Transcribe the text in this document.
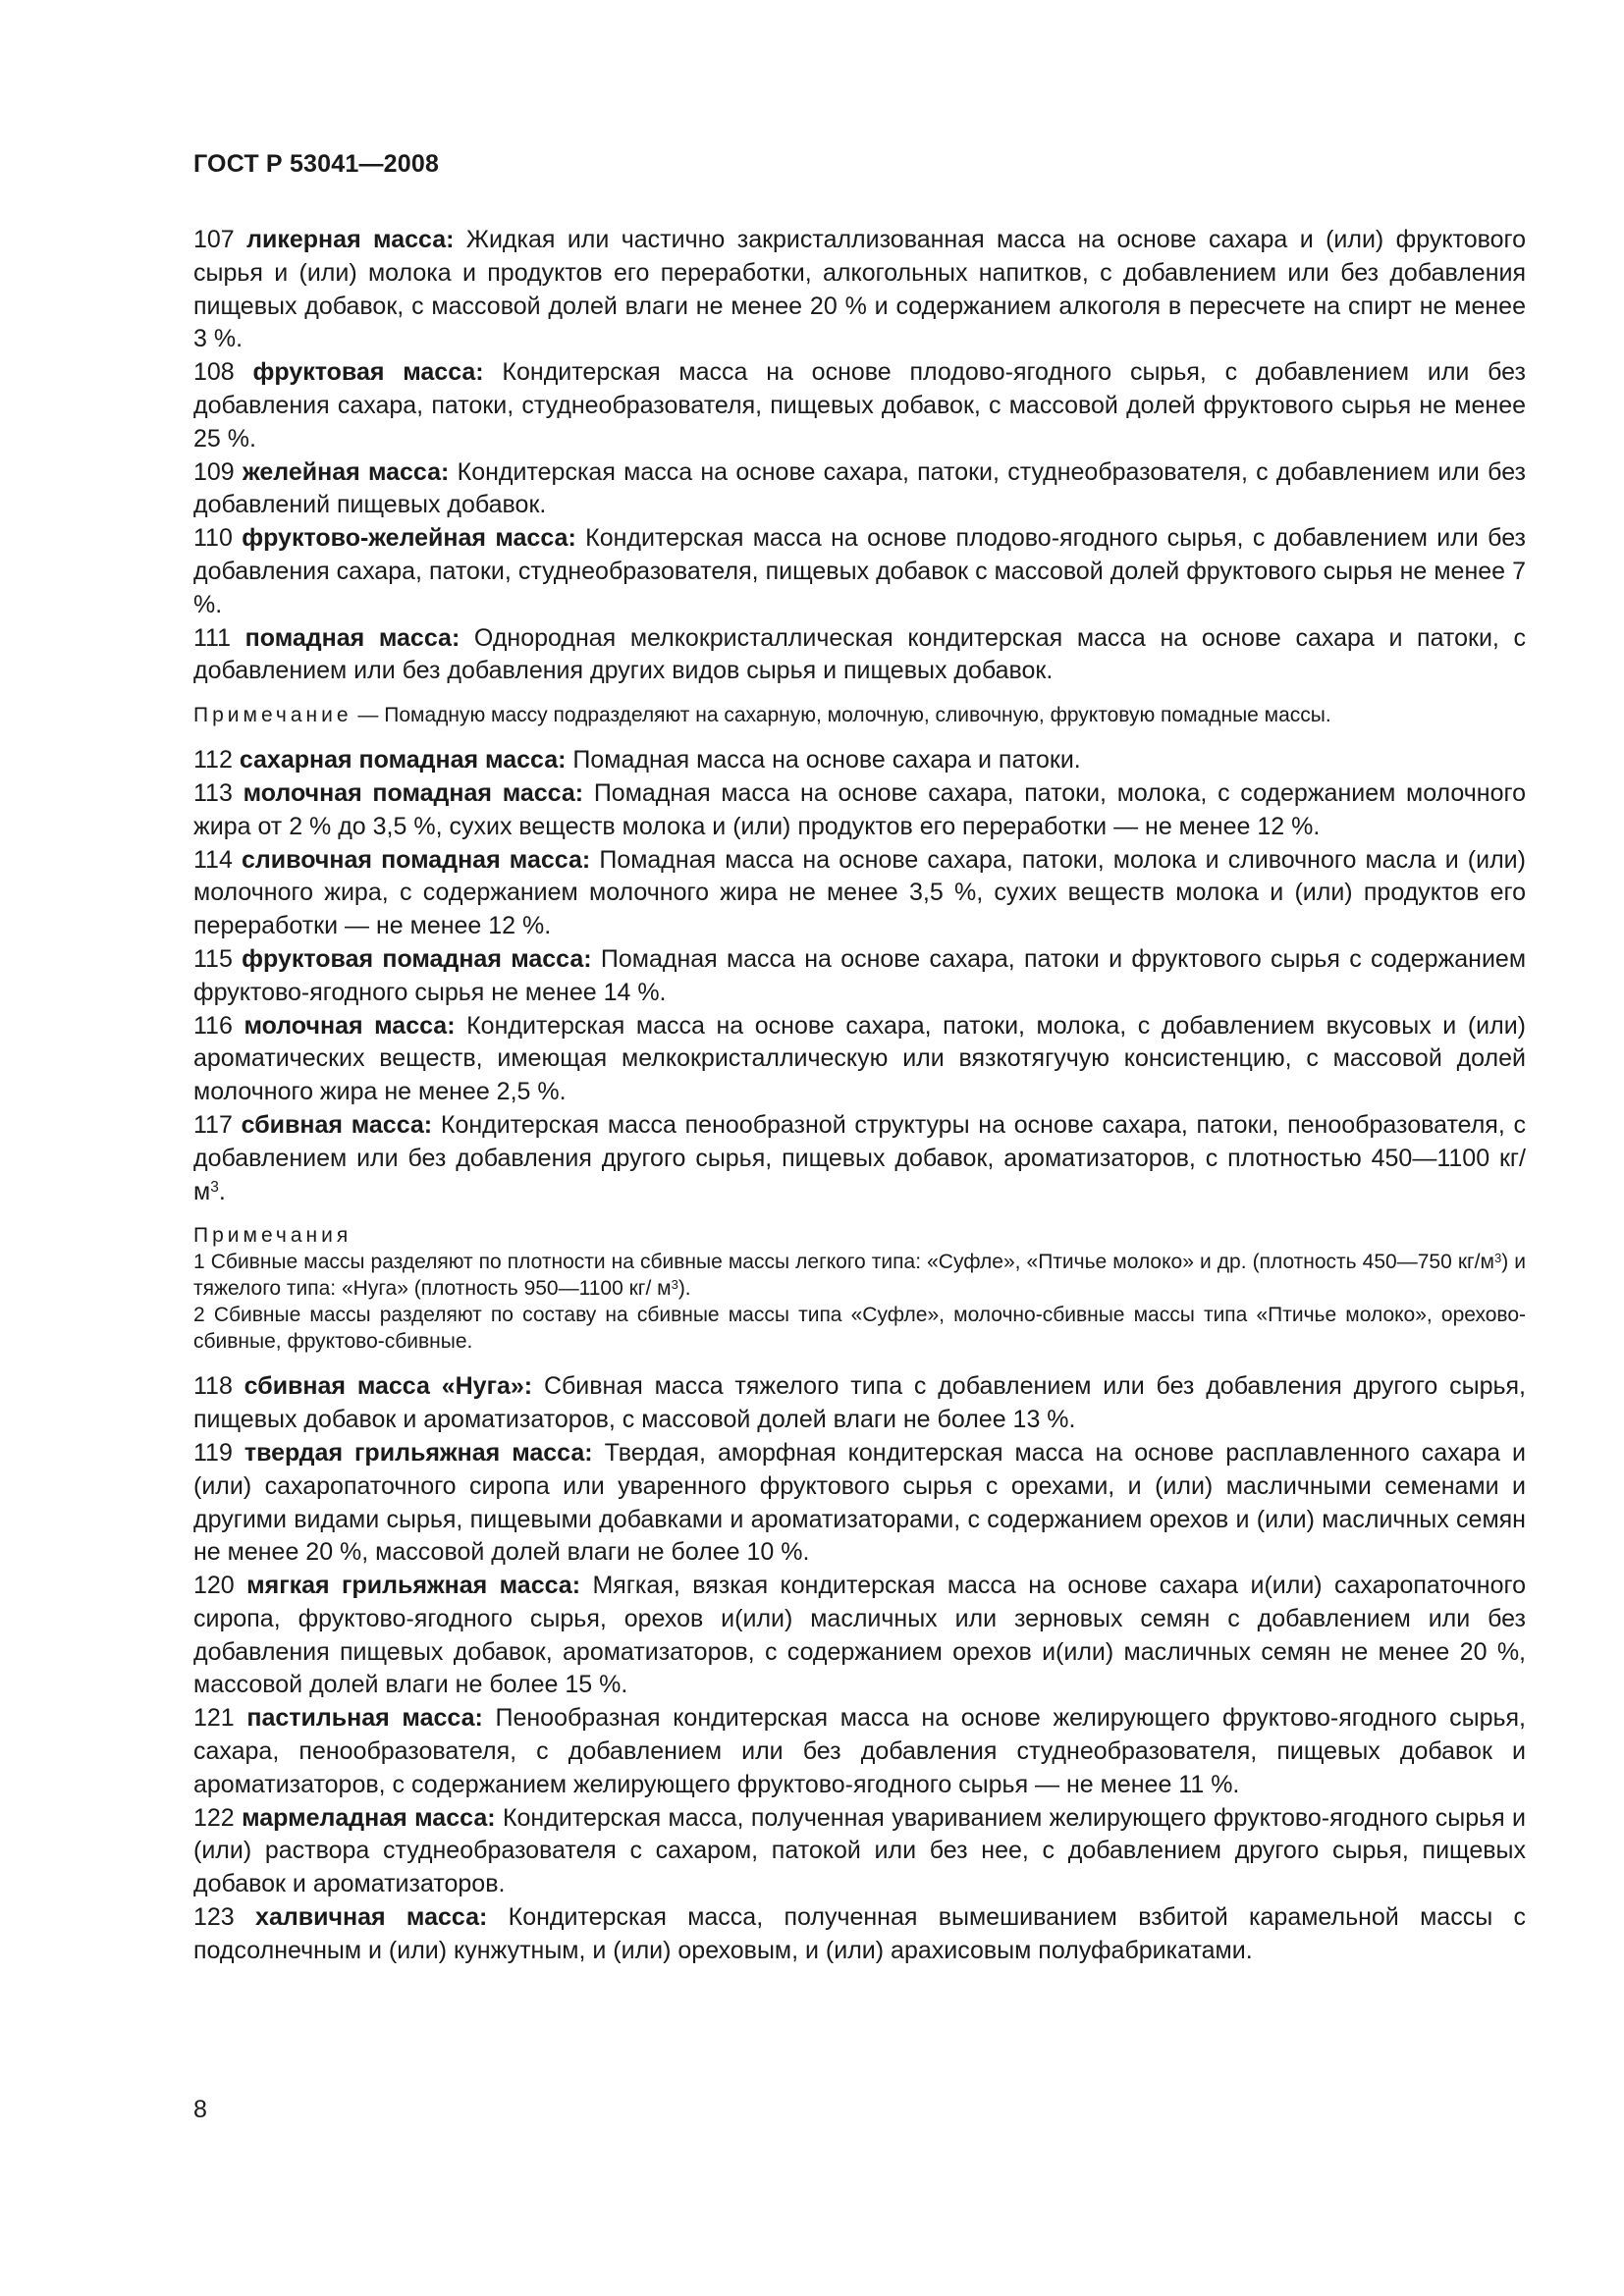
ГОСТ Р 53041—2008

107 ликерная масса: Жидкая или частично закристаллизованная масса на основе сахара и (или) фруктового сырья и (или) молока и продуктов его переработки, алкогольных напитков, с добавлением или без добавления пищевых добавок, с массовой долей влаги не менее 20 % и содержанием алкоголя в пересчете на спирт не менее 3 %.

108 фруктовая масса: Кондитерская масса на основе плодово-ягодного сырья, с добавлением или без добавления сахара, патоки, студнеобразователя, пищевых добавок, с массовой долей фруктового сырья не менее 25 %.

109 желейная масса: Кондитерская масса на основе сахара, патоки, студнеобразователя, с добавлением или без добавлений пищевых добавок.

110 фруктово-желейная масса: Кондитерская масса на основе плодово-ягодного сырья, с добавлением или без добавления сахара, патоки, студнеобразователя, пищевых добавок с массовой долей фруктового сырья не менее 7 %.

111 помадная масса: Однородная мелкокристаллическая кондитерская масса на основе сахара и патоки, с добавлением или без добавления других видов сырья и пищевых добавок.

Примечание — Помадную массу подразделяют на сахарную, молочную, сливочную, фруктовую помадные массы.

112 сахарная помадная масса: Помадная масса на основе сахара и патоки.

113 молочная помадная масса: Помадная масса на основе сахара, патоки, молока, с содержанием молочного жира от 2 % до 3,5 %, сухих веществ молока и (или) продуктов его переработки — не менее 12 %.

114 сливочная помадная масса: Помадная масса на основе сахара, патоки, молока и сливочного масла и (или) молочного жира, с содержанием молочного жира не менее 3,5 %, сухих веществ молока и (или) продуктов его переработки — не менее 12 %.

115 фруктовая помадная масса: Помадная масса на основе сахара, патоки и фруктового сырья с содержанием фруктово-ягодного сырья не менее 14 %.

116 молочная масса: Кондитерская масса на основе сахара, патоки, молока, с добавлением вкусовых и (или) ароматических веществ, имеющая мелкокристаллическую или вязкотягучую консистенцию, с массовой долей молочного жира не менее 2,5 %.

117 сбивная масса: Кондитерская масса пенообразной структуры на основе сахара, патоки, пенообразователя, с добавлением или без добавления другого сырья, пищевых добавок, ароматизаторов, с плотностью 450—1100 кг/ $м^3$.

Примечания

1 Сбивные массы разделяют по плотности на сбивные массы легкого типа: «Суфле», «Птичье молоко» и др. (плотность 450—750 $кг/м^3$) и тяжелого типа: «Нуга» (плотность 950—1100 кг/ $м^3$).

2 Сбивные массы разделяют по составу на сбивные массы типа «Суфле», молочно-сбивные массы типа «Птичье молоко», орехово-сбивные, фруктово-сбивные.

118 сбивная масса «Нуга»: Сбивная масса тяжелого типа с добавлением или без добавления другого сырья, пищевых добавок и ароматизаторов, с массовой долей влаги не более 13 %.

119 твердая грильяжная масса: Твердая, аморфная кондитерская масса на основе расплавленного сахара и (или) сахаропаточного сиропа или уваренного фруктового сырья с орехами, и (или) масличными семенами и другими видами сырья, пищевыми добавками и ароматизаторами, с содержанием орехов и (или) масличных семян не менее 20 %, массовой долей влаги не более 10 %.

120 мягкая грильяжная масса: Мягкая, вязкая кондитерская масса на основе сахара и(или) сахаропаточного сиропа, фруктово-ягодного сырья, орехов и(или) масличных или зерновых семян с добавлением или без добавления пищевых добавок, ароматизаторов, с содержанием орехов и(или) масличных семян не менее 20 %, массовой долей влаги не более 15 %.

121 пастильная масса: Пенообразная кондитерская масса на основе желирующего фруктово-ягодного сырья, сахара, пенообразователя, с добавлением или без добавления студнеобразователя, пищевых добавок и ароматизаторов, с содержанием желирующего фруктово-ягодного сырья — не менее 11 %.

122 мармеладная масса: Кондитерская масса, полученная увариванием желирующего фруктово-ягодного сырья и (или) раствора студнеобразователя с сахаром, патокой или без нее, с добавлением другого сырья, пищевых добавок и ароматизаторов.

123 халвичная масса: Кондитерская масса, полученная вымешиванием взбитой карамельной массы с подсолнечным и (или) кунжутным, и (или) ореховым, и (или) арахисовым полуфабрикатами.

8
